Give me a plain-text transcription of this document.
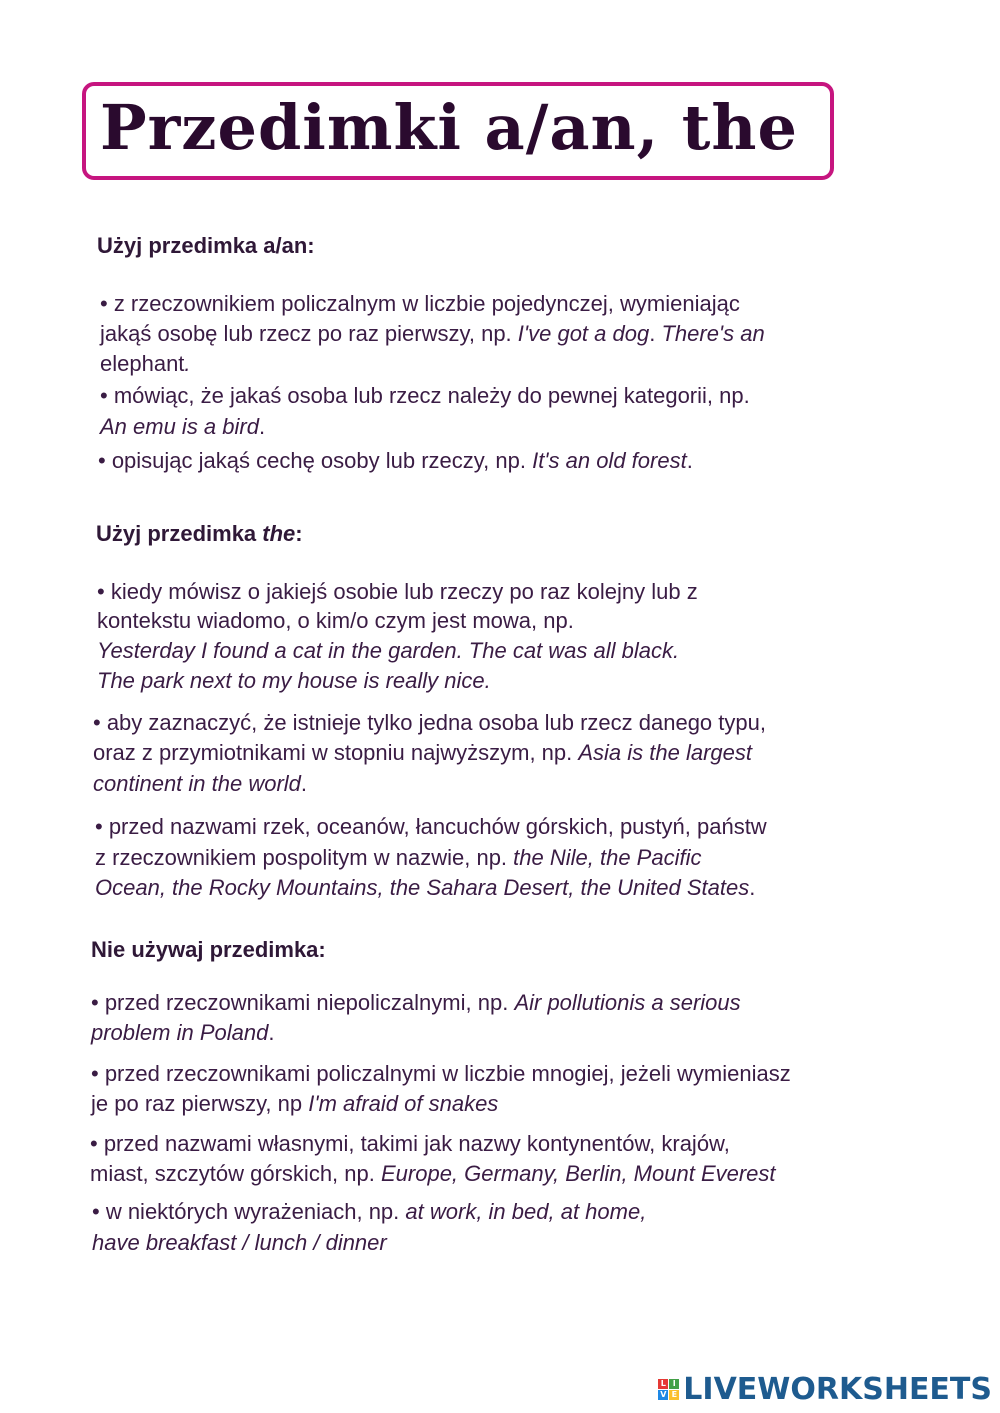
Przedimki a/an, the

Użyj przedimka a/an:

• z rzeczownikiem policzalnym w liczbie pojedynczej, wymieniając

jakąś osobę lub rzecz po raz pierwszy, np. I've got a dog. There's an

elephant.

• mówiąc, że jakaś osoba lub rzecz należy do pewnej kategorii, np.

An emu is a bird.

• opisując jakąś cechę osoby lub rzeczy, np. It's an old forest.

Użyj przedimka the:

• kiedy mówisz o jakiejś osobie lub rzeczy po raz kolejny lub z

kontekstu wiadomo, o kim/o czym jest mowa, np.

Yesterday I found a cat in the garden. The cat was all black.

The park next to my house is really nice.

• aby zaznaczyć, że istnieje tylko jedna osoba lub rzecz danego typu,

oraz z przymiotnikami w stopniu najwyższym, np. Asia is the largest

continent in the world.

• przed nazwami rzek, oceanów, łancuchów górskich, pustyń, państw

z rzeczownikiem pospolitym w nazwie, np. the Nile, the Pacific

Ocean, the Rocky Mountains, the Sahara Desert, the United States.

Nie używaj przedimka:

• przed rzeczownikami niepoliczalnymi, np. Air pollutionis a serious

problem in Poland.

• przed rzeczownikami policzalnymi w liczbie mnogiej, jeżeli wymieniasz

je po raz pierwszy, np I'm afraid of snakes

• przed nazwami własnymi, takimi jak nazwy kontynentów, krajów,

miast, szczytów górskich, np. Europe, Germany, Berlin, Mount Everest

• w niektórych wyrażeniach, np. at work, in bed, at home,

have breakfast / lunch / dinner

L I
V E LIVEWORKSHEETS
